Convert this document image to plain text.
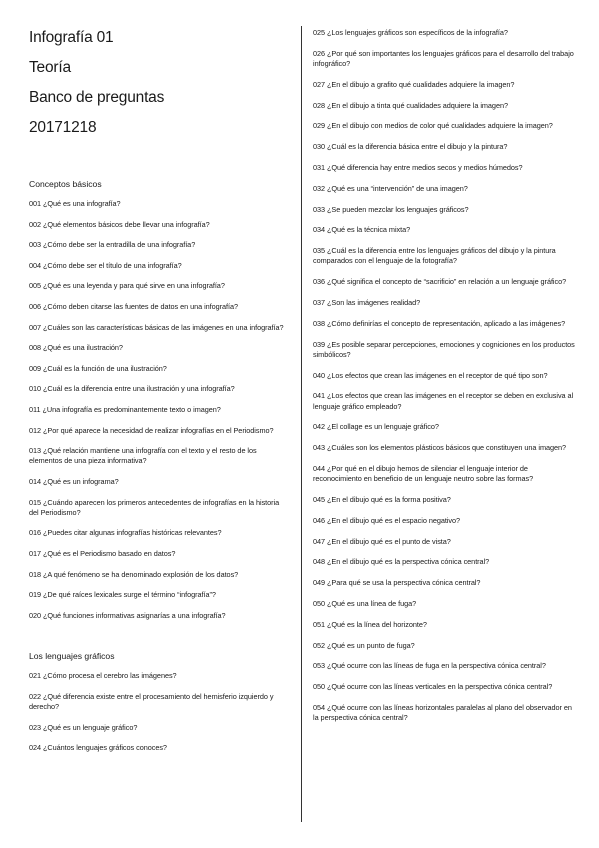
Infografía 01
Teoría
Banco de preguntas
20171218
Conceptos básicos
001 ¿Qué es una infografía?
002 ¿Qué elementos básicos debe llevar una infografía?
003 ¿Cómo debe ser la entradilla de una infografía?
004 ¿Cómo debe ser el título de una infografía?
005 ¿Qué es una leyenda y para qué sirve en una infografía?
006 ¿Cómo deben citarse las fuentes de datos en una infografía?
007 ¿Cuáles son las características básicas de las imágenes en una infografía?
008 ¿Qué es una ilustración?
009 ¿Cuál es la función de una ilustración?
010 ¿Cuál es la diferencia entre una ilustración y una infografía?
011 ¿Una infografía es predominantemente texto o imagen?
012 ¿Por qué aparece la necesidad de realizar infografías en el Periodismo?
013 ¿Qué relación mantiene una infografía con el texto y el resto de los elementos de una pieza informativa?
014 ¿Qué es un infograma?
015 ¿Cuándo aparecen los primeros antecedentes de infografías en la historia del Periodismo?
016 ¿Puedes citar algunas infografías históricas relevantes?
017 ¿Qué es el Periodismo basado en datos?
018 ¿A qué fenómeno se ha denominado explosión de los datos?
019 ¿De qué raíces lexicales surge el término “infografía”?
020 ¿Qué funciones informativas asignarías a una infografía?
Los lenguajes gráficos
021 ¿Cómo procesa el cerebro las imágenes?
022 ¿Qué diferencia existe entre el procesamiento del hemisferio izquierdo y derecho?
023 ¿Qué es un lenguaje gráfico?
024 ¿Cuántos lenguajes gráficos conoces?
025 ¿Los lenguajes gráficos son específicos de la infografía?
026 ¿Por qué son importantes los lenguajes gráficos para el desarrollo del trabajo infográfico?
027 ¿En el dibujo a grafito qué cualidades adquiere la imagen?
028 ¿En el dibujo a tinta qué cualidades adquiere la imagen?
029 ¿En el dibujo con medios de color qué cualidades adquiere la imagen?
030 ¿Cuál es la diferencia básica entre el dibujo y la pintura?
031 ¿Qué diferencia hay entre medios secos y medios húmedos?
032 ¿Qué es una “intervención” de una imagen?
033 ¿Se pueden mezclar los lenguajes gráficos?
034 ¿Qué es la técnica mixta?
035 ¿Cuál es la diferencia entre los lenguajes gráficos del dibujo y la pintura comparados con el lenguaje de la fotografía?
036 ¿Qué significa el concepto de “sacrificio” en relación a un lenguaje gráfico?
037 ¿Son las imágenes realidad?
038 ¿Cómo definirías el concepto de representación, aplicado a las imágenes?
039 ¿Es posible separar percepciones, emociones y cogniciones en los productos simbólicos?
040 ¿Los efectos que crean las imágenes en el receptor de qué tipo son?
041 ¿Los efectos que crean las imágenes en el receptor se deben en exclusiva al lenguaje gráfico empleado?
042 ¿El collage es un lenguaje gráfico?
043 ¿Cuáles son los elementos plásticos básicos que constituyen una imagen?
044 ¿Por qué en el dibujo hemos de silenciar el lenguaje interior de reconocimiento en beneficio de un lenguaje neutro sobre las formas?
045 ¿En el dibujo qué es la forma positiva?
046 ¿En el dibujo qué es el espacio negativo?
047 ¿En el dibujo qué es el punto de vista?
048 ¿En el dibujo qué es la perspectiva cónica central?
049 ¿Para qué se usa la perspectiva cónica central?
050 ¿Qué es una línea de fuga?
051 ¿Qué es la línea del horizonte?
052 ¿Qué es un punto de fuga?
053 ¿Qué ocurre con las líneas de fuga en la perspectiva cónica central?
050 ¿Qué ocurre con las líneas verticales en la perspectiva cónica central?
054 ¿Qué ocurre con las líneas horizontales paralelas al plano del observador en la perspectiva cónica central?
